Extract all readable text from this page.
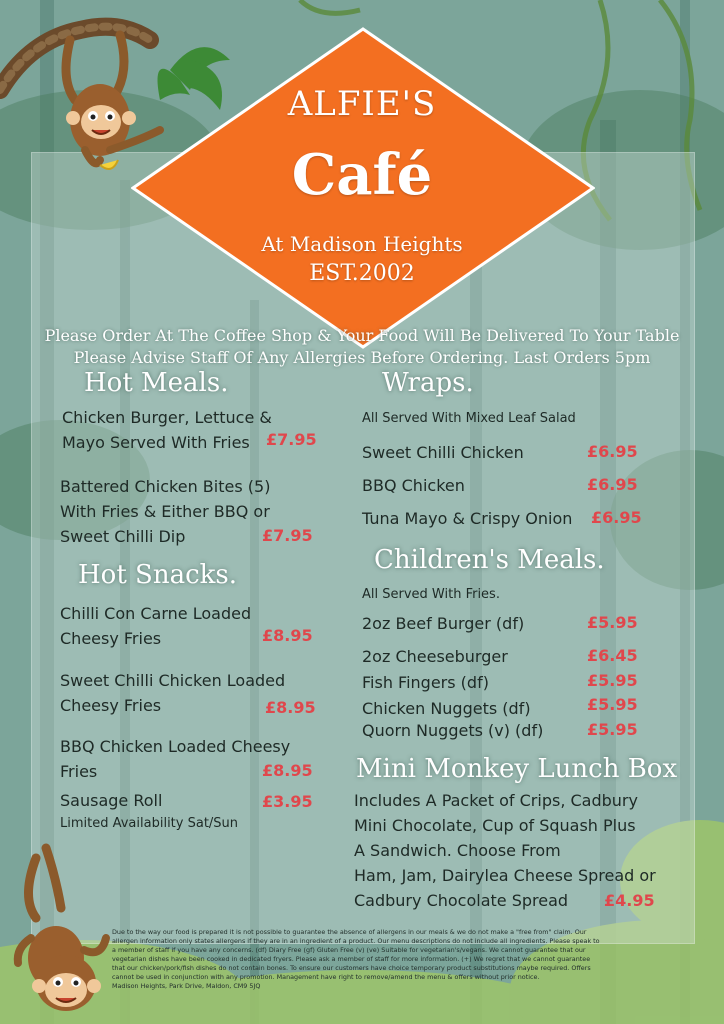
ALFIE'S
Café
At Madison Heights
EST.2002
Please Order At The Coffee Shop & Your Food Will Be Delivered To Your Table
Please Advise Staff Of Any Allergies Before Ordering. Last Orders 5pm
Hot Meals.
Chicken Burger, Lettuce &
Mayo Served With Fries £7.95
Battered Chicken Bites (5)
With Fries & Either BBQ or
Sweet Chilli Dip	£7.95
Hot Snacks.
Chilli Con Carne Loaded
Cheesy Fries	£8.95
Sweet Chilli Chicken Loaded
Cheesy Fries	£8.95
BBQ Chicken Loaded Cheesy
Fries	£8.95
Sausage Roll	£3.95
Limited Availability Sat/Sun
Wraps.
All Served With Mixed Leaf Salad
Sweet Chilli Chicken	£6.95
BBQ Chicken	£6.95
Tuna Mayo & Crispy Onion £6.95
Children's Meals.
All Served With Fries.
2oz Beef Burger (df)	£5.95
2oz Cheeseburger	£6.45
Fish Fingers (df)	£5.95
Chicken Nuggets (df)	£5.95
Quorn Nuggets (v) (df)	£5.95
Mini Monkey Lunch Box
Includes A Packet of Crips, Cadbury
Mini Chocolate, Cup of Squash Plus
A Sandwich. Choose From
Ham, Jam, Dairylea Cheese Spread or
Cadbury Chocolate Spread £4.95

Due to the way our food is prepared it is not possible to guarantee the absence of allergens in our meals & we do not make a "free from" claim. Our

allergen information only states allergens if they are in an ingredient of a product. Our menu descriptions do not include all ingredients. Please speak to

a member of staff if you have any concerns. (df) Diary Free (gf) Gluten Free (v) (ve) Suitable for vegetarian's/vegans. We cannot guarantee that our

vegetarian dishes have been cooked in dedicated fryers. Please ask a member of staff for more information. (+) We regret that we cannot guarantee

that our chicken/pork/fish dishes do not contain bones. To ensure our customers have choice temporary product substitutions maybe required. Offers

cannot be used in conjunction with any promotion. Management have right to remove/amend the menu & offers without prior notice.

Madison Heights, Park Drive, Maldon, CM9 5JQ
